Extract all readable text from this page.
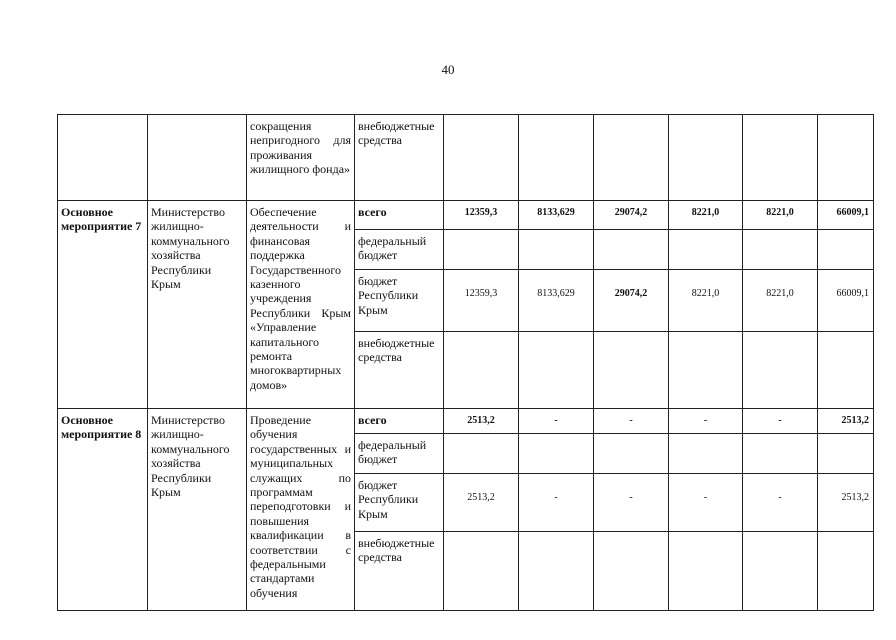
40
		сокращения непригодного для проживания жилищного фонда»	внебюджетные средства						
Основное мероприятие 7	Министерство жилищно-коммунального хозяйства Республики Крым	Обеспечение деятельности и финансовая поддержка Государственного казенного учреждения Республики Крым «Управление капитального ремонта многоквартирных домов»	всего	12359,3	8133,629	29074,2	8221,0	8221,0	66009,1
			федеральный бюджет						
			бюджет Республики Крым	12359,3	8133,629	29074,2	8221,0	8221,0	66009,1
			внебюджетные средства						
Основное мероприятие 8	Министерство жилищно-коммунального хозяйства Республики Крым	Проведение обучения государственных и муниципальных служащих по программам переподготовки и повышения квалификации в соответствии с федеральными стандартами обучения	всего	2513,2	-	-	-	-	2513,2
			федеральный бюджет						
			бюджет Республики Крым	2513,2	-	-	-	-	2513,2
			внебюджетные средства						
